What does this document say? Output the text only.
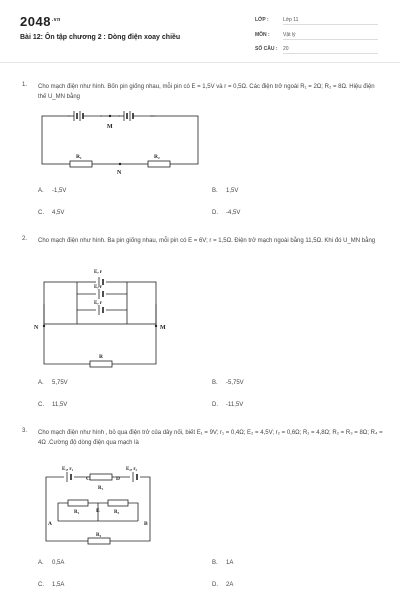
$2048^{.vn}$
Bài 12: Ôn tập chương 2 : Dòng điện xoay chiều
LỚP :	Lớp 11
MÔN :	Vật lý
SỐ CÂU : 20
1. Cho mạch điện như hình. Bốn pin giống nhau, mỗi pin có E = 1,5V và r = 0,5Ω. Các điện trở ngoài R₁ = 2Ω; R₂ = 8Ω. Hiệu điện thế U_MN bằng
M
R₁	R₂
N
A. -1,5V	B. 1,5V
C. 4,5V	D. -4,5V
2. Cho mạch điện như hình. Ba pin giống nhau, mỗi pin có E = 6V; r = 1,5Ω. Điện trở mạch ngoài bằng 11,5Ω. Khi đó U_MN bằng
E, r
E, r
E, r
N	M
R
A. 5,75V	B. -5,75V
C. 11,5V	D. -11,5V
3. Cho mạch điện như hình , bỏ qua điện trở của dây nối, biết E₁ = 9V; r₁ = 0,4Ω; E₂ = 4,5V; r₂ = 0,6Ω; R₁ = 4,8Ω; R₂ = R₃ = 8Ω; R₄ = 4Ω .Cường độ dòng điện qua mạch là
E₁, r₁	E₂, r₂
C	D
R₁
R₂	R₃
E
A	B
R₄
A. 0,5A	B. 1A
C. 1,5A	D. 2A
